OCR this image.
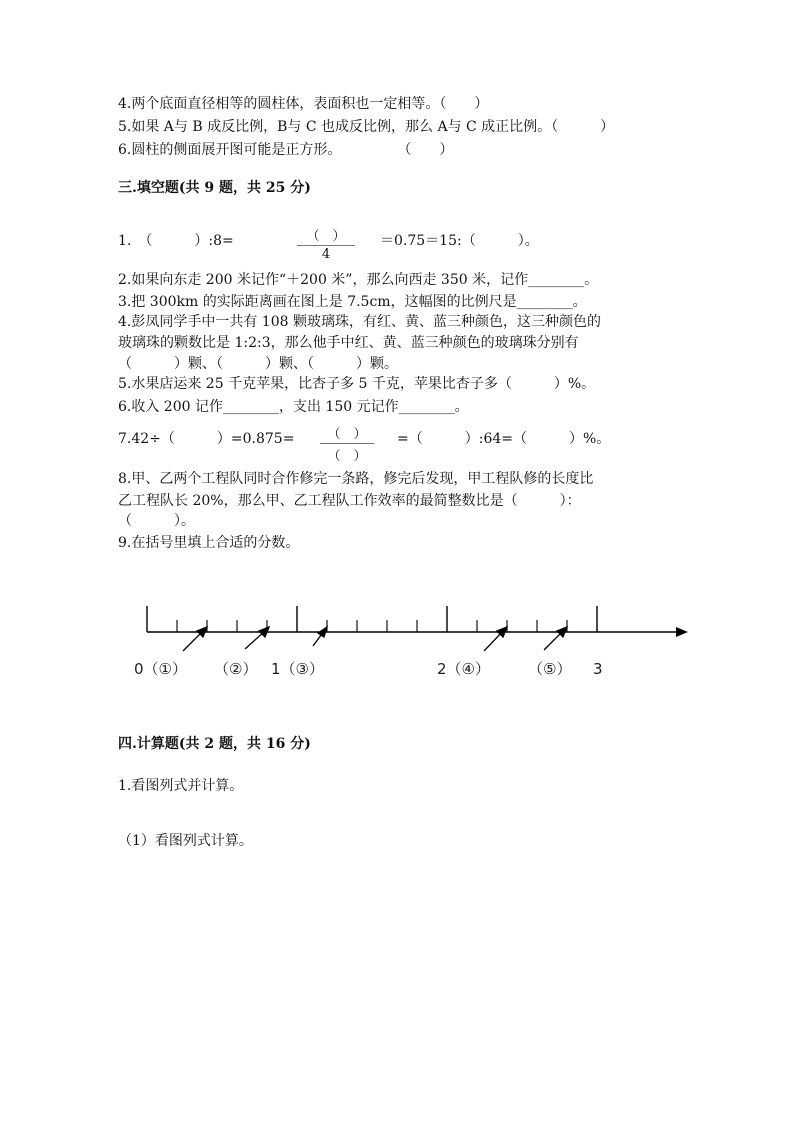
4.两个底面直径相等的圆柱体，表面积也一定相等。（　　）
5.如果 A与 B 成反比例，B与 C 也成反比例，那么 A与 C 成正比例。（　　　）
6.圆柱的侧面展开图可能是正方形。　　　　　（　　）
三.填空题(共 9 题，共 25 分)
1.　（　　　）:8=	（　）
4
＝0.75＝15:（　　　）。
2.如果向东走 200 米记作“＋200 米”，那么向西走 350 米，记作________。
3.把 300km 的实际距离画在图上是 7.5cm，这幅图的比例尺是________。
4.彭凤同学手中一共有 108 颗玻璃珠，有红、黄、蓝三种颜色，这三种颜色的
玻璃珠的颗数比是 1:2:3，那么他手中红、黄、蓝三种颜色的玻璃珠分别有
（　　　）颗、（　　　）颗、（　　　）颗。
5.水果店运来 25 千克苹果，比杏子多 5 千克，苹果比杏子多（　　　）%。
6.收入 200 记作________，支出 150 元记作________。
7.42÷（　　　）=0.875=	（　）
（　）
=（　　　）:64=（　　　）%。
8.甲、乙两个工程队同时合作修完一条路，修完后发现，甲工程队修的长度比
乙工程队长 20%，那么甲、乙工程队工作效率的最简整数比是（　　　）：
（　　　）。
9.在括号里填上合适的分数。
0（①） （②） 1（③）	2（④）	（⑤） 3
四.计算题(共 2 题，共 16 分)
1.看图列式并计算。
（1）看图列式计算。
